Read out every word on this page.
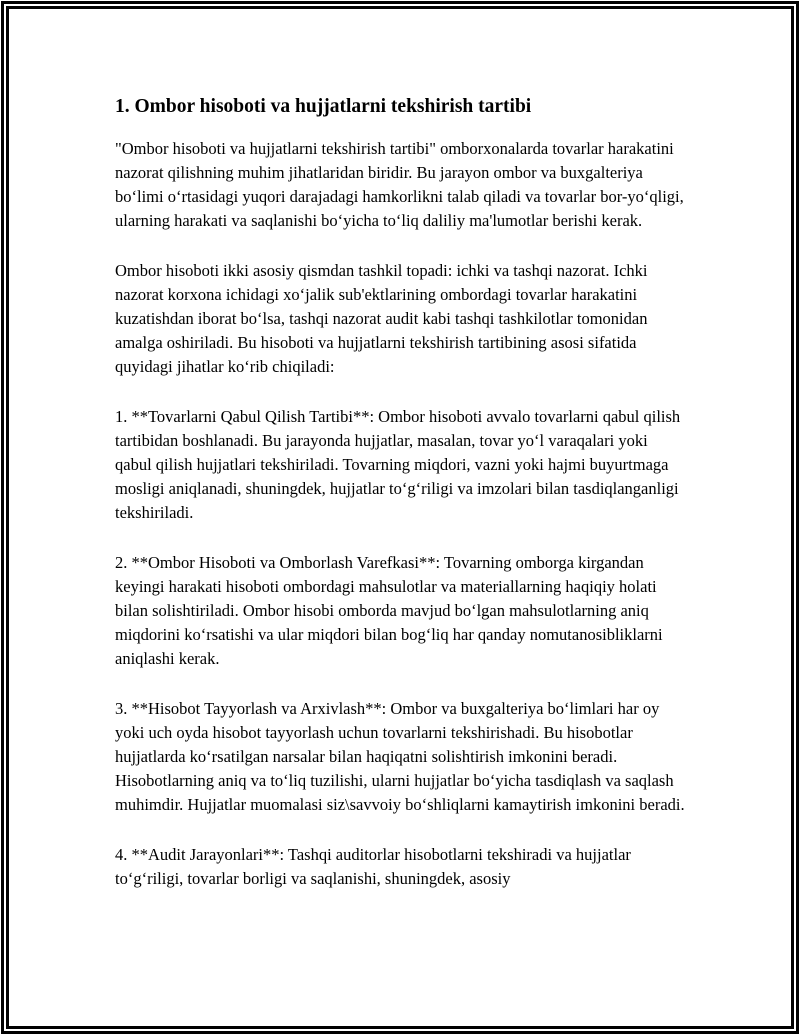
1. Ombor hisoboti va hujjatlarni tekshirish tartibi

"Ombor hisoboti va hujjatlarni tekshirish tartibi" omborxonalarda tovarlar harakatini nazorat qilishning muhim jihatlaridan biridir. Bu jarayon ombor va buxgalteriya bo‘limi o‘rtasidagi yuqori darajadagi hamkorlikni talab qiladi va tovarlar bor-yo‘qligi, ularning harakati va saqlanishi bo‘yicha to‘liq daliliy ma'lumotlar berishi kerak.

Ombor hisoboti ikki asosiy qismdan tashkil topadi: ichki va tashqi nazorat. Ichki nazorat korxona ichidagi xo‘jalik sub'ektlarining ombordagi tovarlar harakatini kuzatishdan iborat bo‘lsa, tashqi nazorat audit kabi tashqi tashkilotlar tomonidan amalga oshiriladi. Bu hisoboti va hujjatlarni tekshirish tartibining asosi sifatida quyidagi jihatlar ko‘rib chiqiladi:

1. **Tovarlarni Qabul Qilish Tartibi**: Ombor hisoboti avvalo tovarlarni qabul qilish tartibidan boshlanadi. Bu jarayonda hujjatlar, masalan, tovar yo‘l varaqalari yoki qabul qilish hujjatlari tekshiriladi. Tovarning miqdori, vazni yoki hajmi buyurtmaga mosligi aniqlanadi, shuningdek, hujjatlar to‘g‘riligi va imzolari bilan tasdiqlanganligi tekshiriladi.

2. **Ombor Hisoboti va Omborlash Varefkasi**: Tovarning omborga kirgandan keyingi harakati hisoboti ombordagi mahsulotlar va materiallarning haqiqiy holati bilan solishtiriladi. Ombor hisobi omborda mavjud bo‘lgan mahsulotlarning aniq miqdorini ko‘rsatishi va ular miqdori bilan bog‘liq har qanday nomutanosibliklarni aniqlashi kerak.

3. **Hisobot Tayyorlash va Arxivlash**: Ombor va buxgalteriya bo‘limlari har oy yoki uch oyda hisobot tayyorlash uchun tovarlarni tekshirishadi. Bu hisobotlar hujjatlarda ko‘rsatilgan narsalar bilan haqiqatni solishtirish imkonini beradi. Hisobotlarning aniq va to‘liq tuzilishi, ularni hujjatlar bo‘yicha tasdiqlash va saqlash muhimdir. Hujjatlar muomalasi siz\savvoiy bo‘shliqlarni kamaytirish imkonini beradi.

4. **Audit Jarayonlari**: Tashqi auditorlar hisobotlarni tekshiradi va hujjatlar to‘g‘riligi, tovarlar borligi va saqlanishi, shuningdek, asosiy
